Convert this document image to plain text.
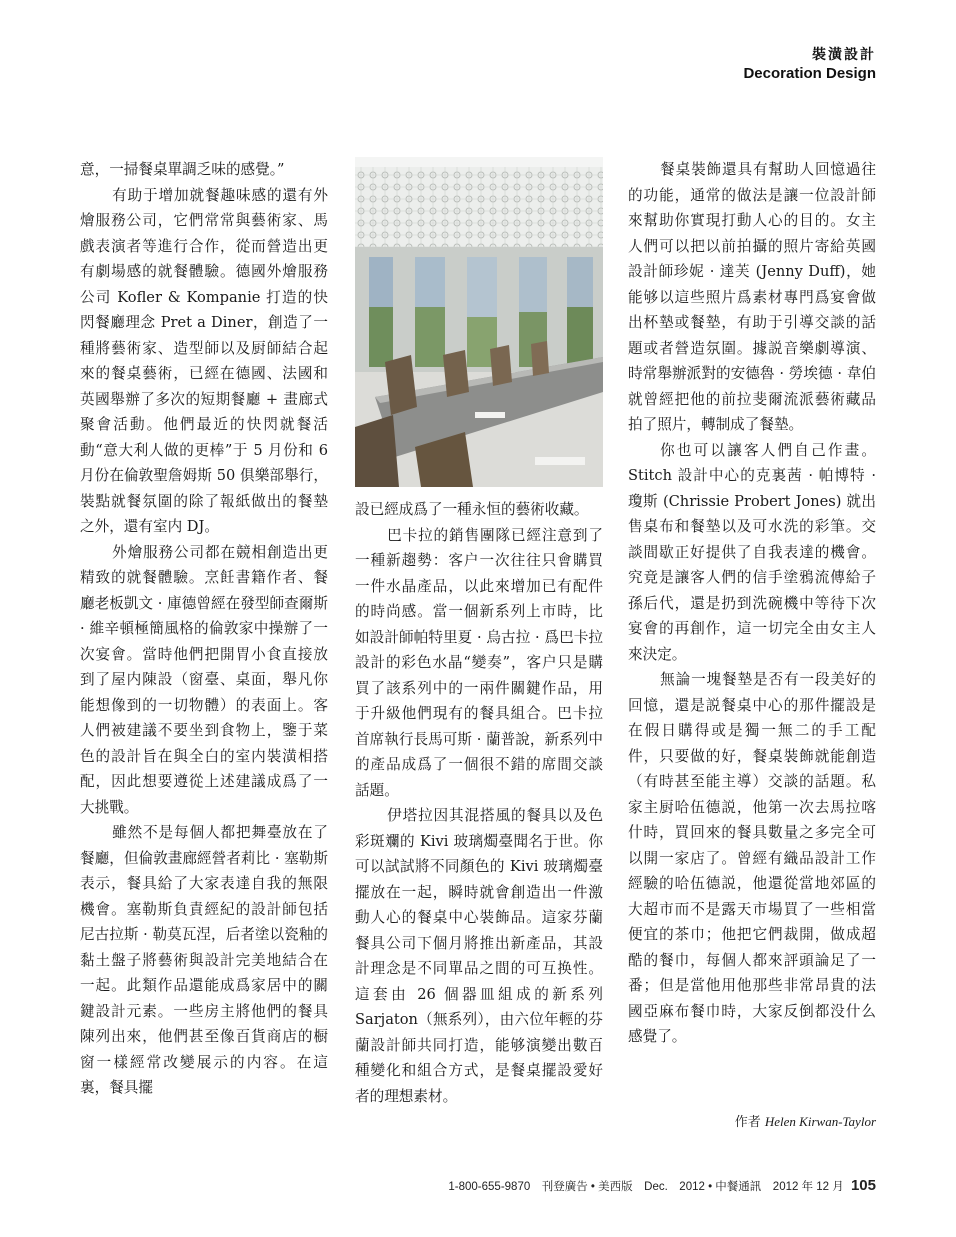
裝潢設計
Decoration Design

意，一掃餐桌單調乏味的感覺。”

有助于增加就餐趣味感的還有外燴服務公司，它們常常與藝術家、馬戲表演者等進行合作，從而營造出更有劇場感的就餐體驗。德國外燴服務公司 Kofler & Kompanie 打造的快閃餐廳理念 Pret a Diner，創造了一種將藝術家、造型師以及厨師結合起來的餐桌藝術，已經在德國、法國和英國舉辦了多次的短期餐廳 + 畫廊式聚會活動。他們最近的快閃就餐活動“意大利人做的更棒”于 5 月份和 6 月份在倫敦聖詹姆斯 50 俱樂部舉行，裝點就餐氛圍的除了報紙做出的餐墊之外，還有室内 DJ。

外燴服務公司都在競相創造出更精致的就餐體驗。烹飪書籍作者、餐廳老板凱文 · 庫德曾經在發型師查爾斯 · 維辛頓極簡風格的倫敦家中操辦了一次宴會。當時他們把開胃小食直接放到了屋内陳設（窗臺、桌面，舉凡你能想像到的一切物體）的表面上。客人們被建議不要坐到食物上，鑒于菜色的設計旨在與全白的室内裝潢相搭配，因此想要遵從上述建議成爲了一大挑戰。

雖然不是每個人都把舞臺放在了餐廳，但倫敦畫廊經營者莉比 · 塞勒斯表示，餐具給了大家表達自我的無限機會。塞勒斯負責經紀的設計師包括尼古拉斯 · 勒莫瓦涅，后者塗以瓷釉的黏土盤子將藝術與設計完美地結合在一起。此類作品還能成爲家居中的關鍵設計元素。一些房主將他們的餐具陳列出來，他們甚至像百貨商店的橱窗一樣經常改變展示的内容。在這裏，餐具擺

設已經成爲了一種永恒的藝術收藏。

巴卡拉的銷售團隊已經注意到了一種新趨勢：客户一次往往只會購買一件水晶產品，以此來增加已有配件的時尚感。當一個新系列上市時，比如設計師帕特里夏 · 烏古拉 · 爲巴卡拉設計的彩色水晶“變奏”，客户只是購買了該系列中的一兩件關鍵作品，用于升級他們現有的餐具組合。巴卡拉首席執行長馬可斯 · 蘭普說，新系列中的產品成爲了一個很不錯的席間交談話題。

伊塔拉因其混搭風的餐具以及色彩斑斕的 Kivi 玻璃燭臺聞名于世。你可以試試將不同顏色的 Kivi 玻璃燭臺擺放在一起，瞬時就會創造出一件激動人心的餐桌中心裝飾品。這家芬蘭餐具公司下個月將推出新產品，其設計理念是不同單品之間的可互换性。這套由 26 個器皿組成的新系列 Sarjaton（無系列），由六位年輕的芬蘭設計師共同打造，能够演變出數百種變化和組合方式，是餐桌擺設愛好者的理想素材。

餐桌裝飾還具有幫助人回憶過往的功能，通常的做法是讓一位設計師來幫助你實現打動人心的目的。女主人們可以把以前拍攝的照片寄給英國設計師珍妮 · 達芙 (Jenny Duff)，她能够以這些照片爲素材專門爲宴會做出杯墊或餐墊，有助于引導交談的話題或者營造氛圍。據説音樂劇導演、時常舉辦派對的安德魯 · 勞埃德 · 韋伯就曾經把他的前拉斐爾流派藝術藏品拍了照片，轉制成了餐墊。

你也可以讓客人們自己作畫。Stitch 設計中心的克裏茜 · 帕博特 · 瓊斯 (Chrissie Probert Jones) 就出售桌布和餐墊以及可水洗的彩筆。交談間歇正好提供了自我表達的機會。究竟是讓客人們的信手塗鴉流傳給子孫后代，還是扔到洗碗機中等待下次宴會的再創作，這一切完全由女主人來決定。

無論一塊餐墊是否有一段美好的回憶，還是説餐桌中心的那件擺設是在假日購得或是獨一無二的手工配件，只要做的好，餐桌裝飾就能創造（有時甚至能主導）交談的話題。私家主厨哈伍德説，他第一次去馬拉喀什時，買回來的餐具數量之多完全可以開一家店了。曾經有織品設計工作經驗的哈伍德説，他還從當地郊區的大超市而不是露天市場買了一些相當便宜的茶巾；他把它們裁開，做成超酷的餐巾，每個人都來評頭論足了一番；但是當他用他那些非常昂貴的法國亞麻布餐巾時，大家反倒都没什么感覺了。

作者 Helen Kirwan-Taylor
1-800-655-9870　刊登廣告 • 美西版　Dec.　2012 • 中餐通訊　2012 年 12 月 105
